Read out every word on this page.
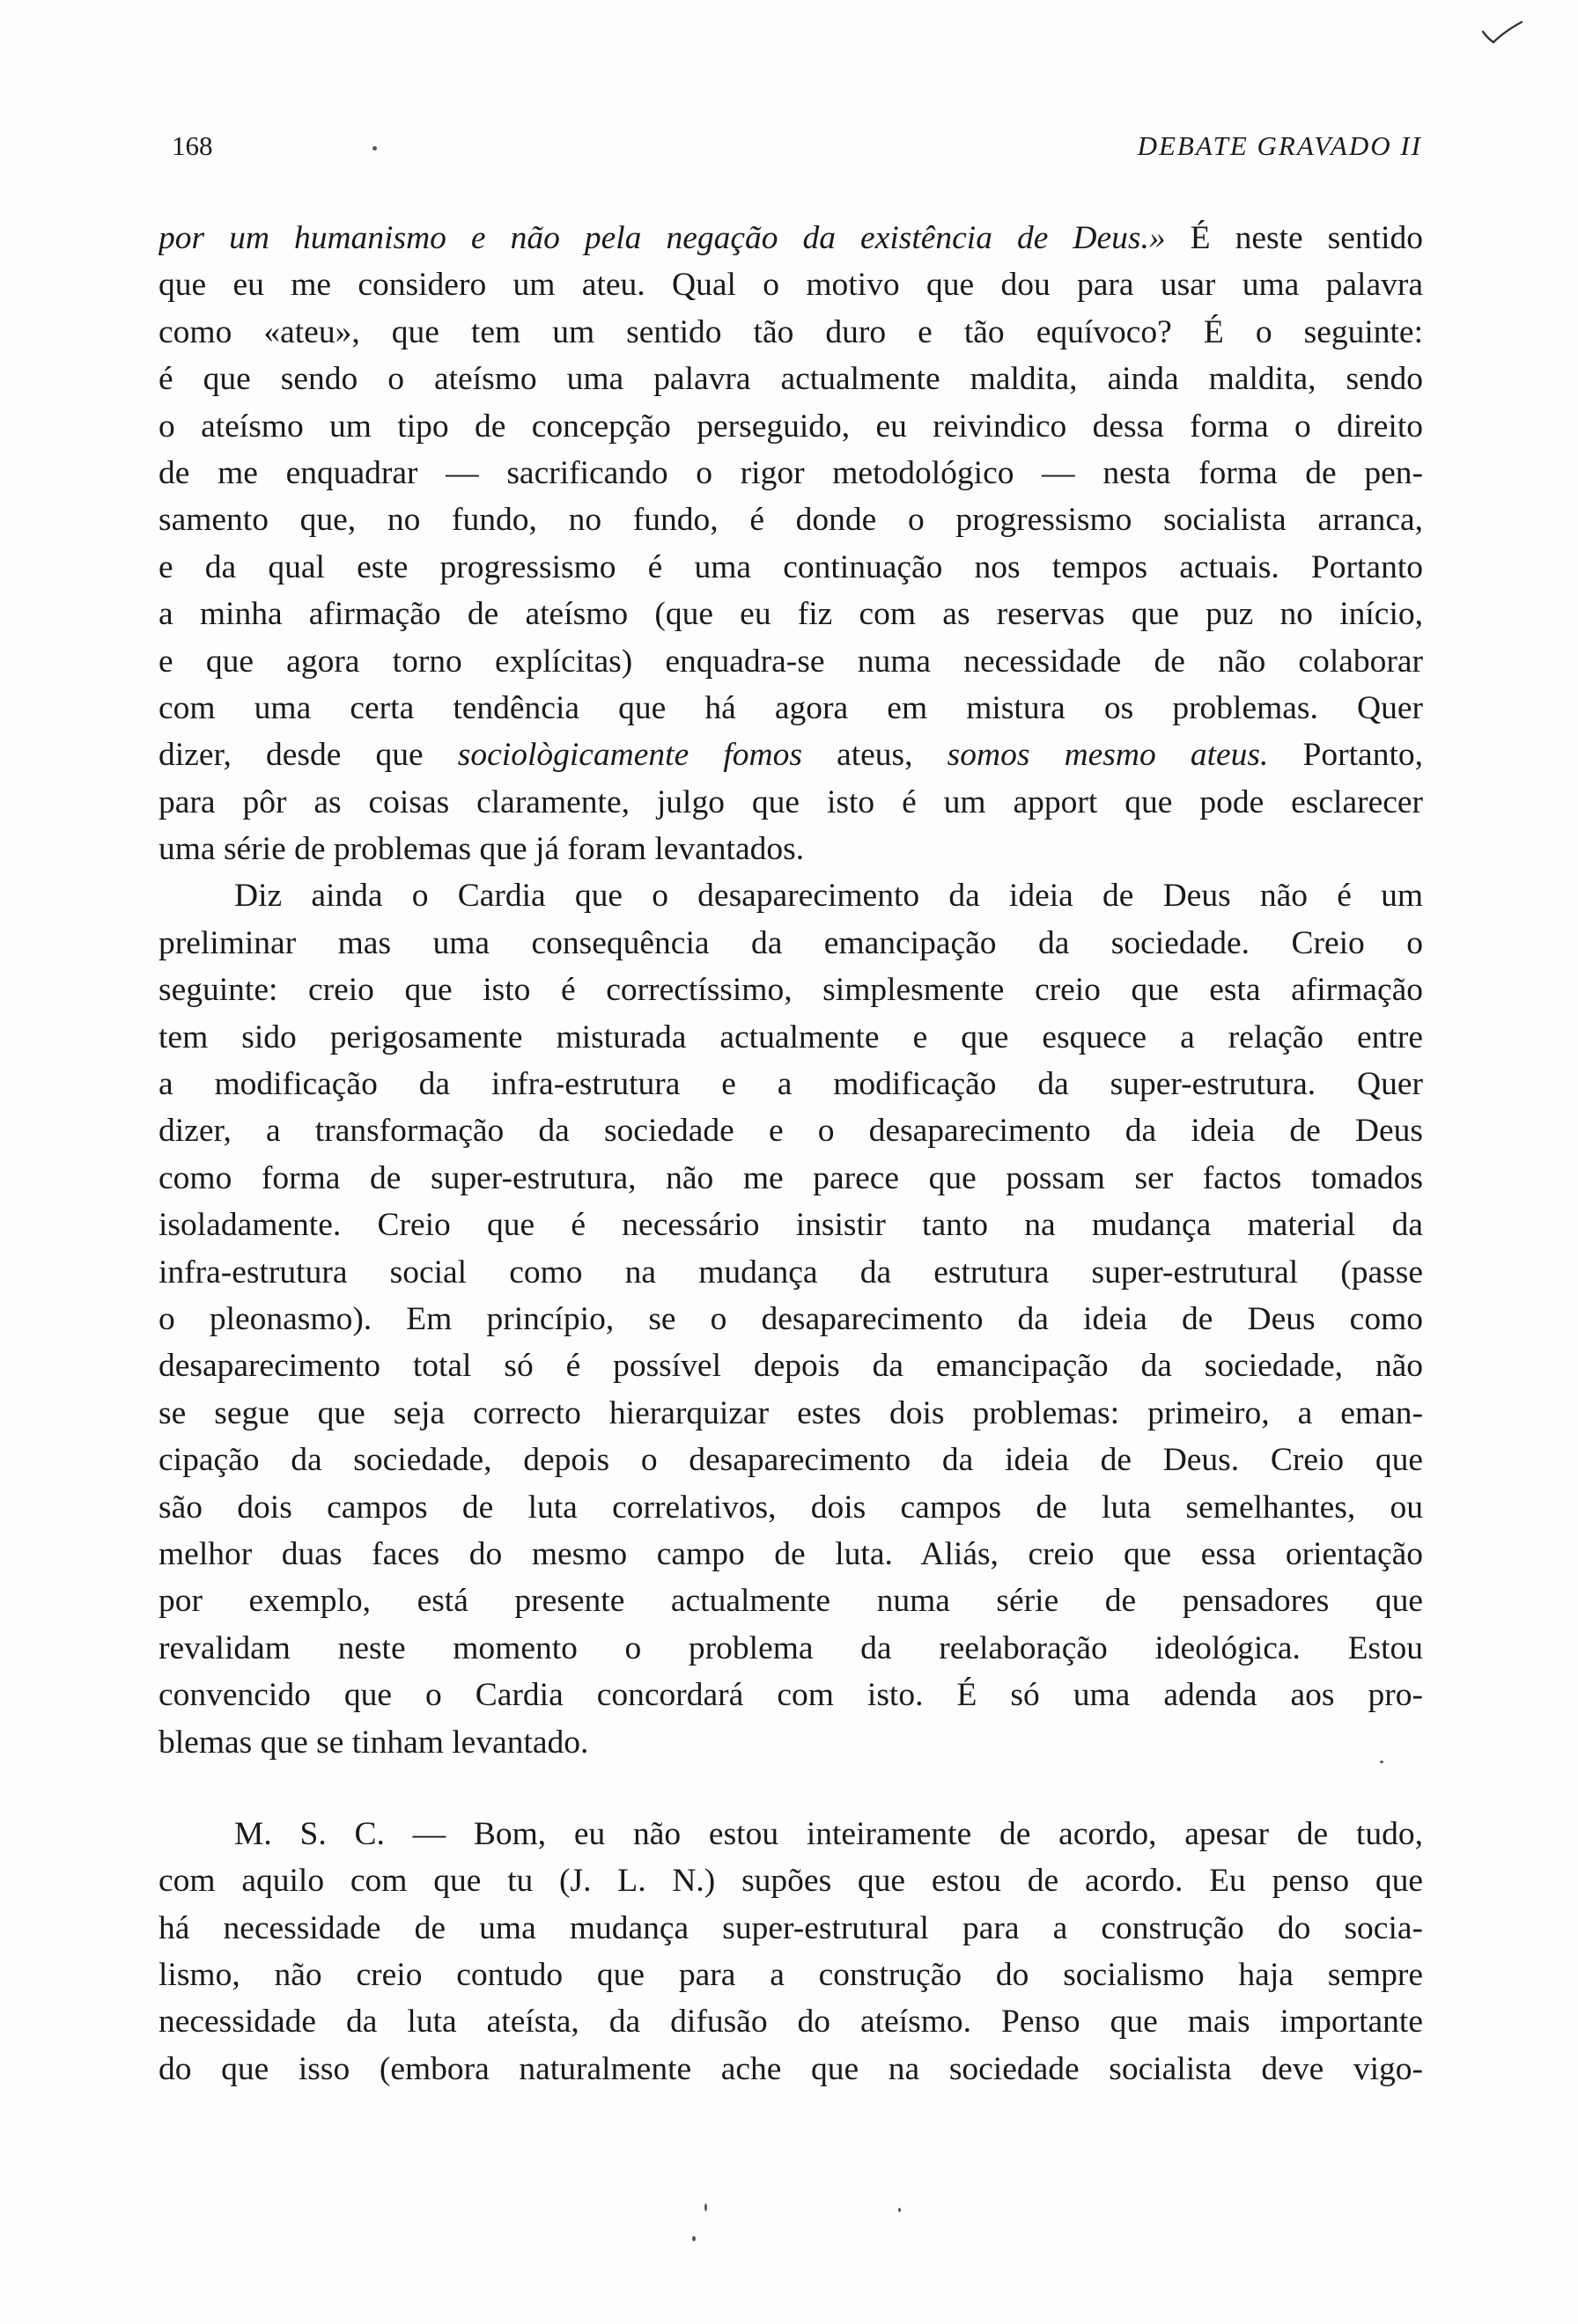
168	DEBATE GRAVADO II
por um humanismo e não pela negação da existência de Deus.» É neste sentido
que eu me considero um ateu. Qual o motivo que dou para usar uma palavra
como «ateu», que tem um sentido tão duro e tão equívoco? É o seguinte:
é que sendo o ateísmo uma palavra actualmente maldita, ainda maldita, sendo
o ateísmo um tipo de concepção perseguido, eu reivindico dessa forma o direito
de me enquadrar — sacrificando o rigor metodológico — nesta forma de pen-
samento que, no fundo, no fundo, é donde o progressismo socialista arranca,
e da qual este progressismo é uma continuação nos tempos actuais. Portanto
a minha afirmação de ateísmo (que eu fiz com as reservas que puz no início,
e que agora torno explícitas) enquadra-se numa necessidade de não colaborar
com uma certa tendência que há agora em mistura os problemas. Quer
dizer, desde que sociològicamente fomos ateus, somos mesmo ateus. Portanto,
para pôr as coisas claramente, julgo que isto é um apport que pode esclarecer
uma série de problemas que já foram levantados.
Diz ainda o Cardia que o desaparecimento da ideia de Deus não é um
preliminar mas uma consequência da emancipação da sociedade. Creio o
seguinte: creio que isto é correctíssimo, simplesmente creio que esta afirmação
tem sido perigosamente misturada actualmente e que esquece a relação entre
a modificação da infra-estrutura e a modificação da super-estrutura. Quer
dizer, a transformação da sociedade e o desaparecimento da ideia de Deus
como forma de super-estrutura, não me parece que possam ser factos tomados
isoladamente. Creio que é necessário insistir tanto na mudança material da
infra-estrutura social como na mudança da estrutura super-estrutural (passe
o pleonasmo). Em princípio, se o desaparecimento da ideia de Deus como
desaparecimento total só é possível depois da emancipação da sociedade, não
se segue que seja correcto hierarquizar estes dois problemas: primeiro, a eman-
cipação da sociedade, depois o desaparecimento da ideia de Deus. Creio que
são dois campos de luta correlativos, dois campos de luta semelhantes, ou
melhor duas faces do mesmo campo de luta. Aliás, creio que essa orientação
por exemplo, está presente actualmente numa série de pensadores que
revalidam neste momento o problema da reelaboração ideológica. Estou
convencido que o Cardia concordará com isto. É só uma adenda aos pro-
blemas que se tinham levantado.
M. S. C. — Bom, eu não estou inteiramente de acordo, apesar de tudo,
com aquilo com que tu (J. L. N.) supões que estou de acordo. Eu penso que
há necessidade de uma mudança super-estrutural para a construção do socia-
lismo, não creio contudo que para a construção do socialismo haja sempre
necessidade da luta ateísta, da difusão do ateísmo. Penso que mais importante
do que isso (embora naturalmente ache que na sociedade socialista deve vigo-
